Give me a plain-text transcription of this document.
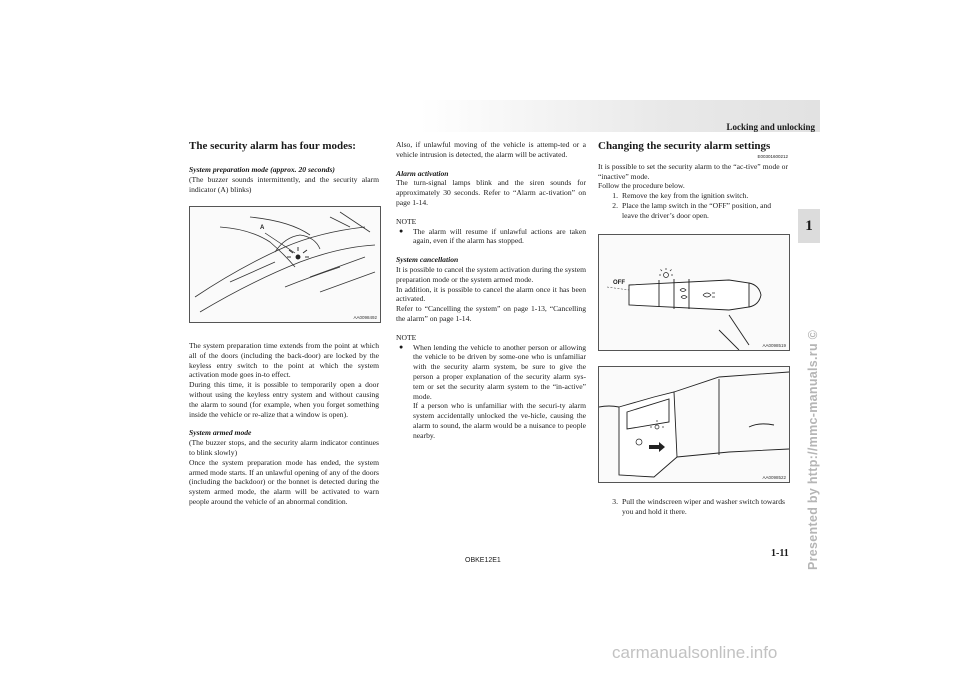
Locking and unlocking
1
The security alarm has four modes:

System preparation mode (approx. 20 seconds)

(The buzzer sounds intermittently, and the security alarm indicator (A) blinks)

A
AA0098492

The system preparation time extends from the point at which all of the doors (including the back-door) are locked by the keyless entry switch to the point at which the system activation mode goes in-to effect.

During this time, it is possible to temporarily open a door without using the keyless entry system and without causing the alarm to sound (for example, when you forget something inside the vehicle or re-alize that a window is open).

System armed mode

(The buzzer stops, and the security alarm indicator continues to blink slowly)

Once the system preparation mode has ended, the system armed mode starts. If an unlawful opening of any of the doors (including the backdoor) or the bonnet is detected during the system armed mode, the alarm will be activated to warn people around the vehicle of an abnormal condition.

Also, if unlawful moving of the vehicle is attemp-ted or a vehicle intrusion is detected, the alarm will be activated.

Alarm activation

The turn-signal lamps blink and the siren sounds for approximately 30 seconds. Refer to “Alarm ac-tivation” on page 1-14.

NOTE

●	The alarm will resume if unlawful actions are taken again, even if the alarm has stopped.

System cancellation

It is possible to cancel the system activation during the system preparation mode or the system armed mode.

In addition, it is possible to cancel the alarm once it has been activated.

Refer to “Cancelling the system” on page 1-13, “Cancelling the alarm” on page 1-14.

NOTE

●	When lending the vehicle to another person or allowing the vehicle to be driven by some-one who is unfamiliar with the security alarm system, be sure to give the person a proper explanation of the security alarm sys-tem or set the security alarm system to the “in-active” mode.
If a person who is unfamiliar with the securi-ty alarm system accidentally unlocked the ve-hicle, causing the alarm to sound, the alarm would be a nuisance to people nearby.
Changing the security alarm settings
E00301600212

It is possible to set the security alarm to the “ac-tive” mode or “inactive” mode.

Follow the procedure below.

1. Remove the key from the ignition switch.
2. Place the lamp switch in the “OFF” position, and leave the driver’s door open.
OFF
AA0098519
AA0098522
3. Pull the windscreen wiper and washer switch towards you and hold it there.
OBKE12E1
1-11 Presented by http://mmc-manuals.ru ©
carmanualsonline.info
